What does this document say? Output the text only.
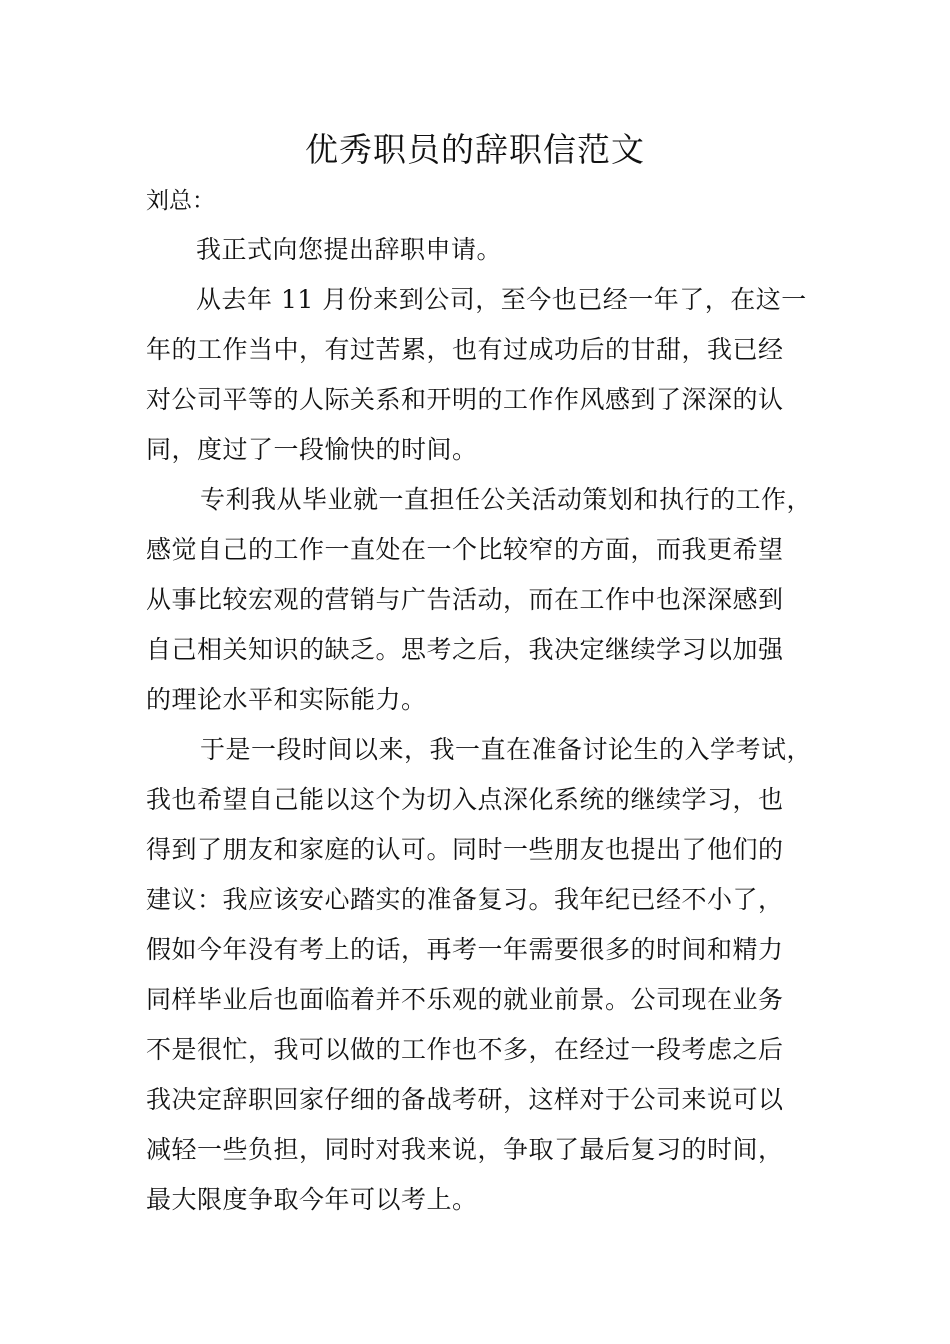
优秀职员的辞职信范文

刘总：

我正式向您提出辞职申请。

从去年 11 月份来到公司，至今也已经一年了，在这一

年的工作当中，有过苦累，也有过成功后的甘甜，我已经

对公司平等的人际关系和开明的工作作风感到了深深的认

同，度过了一段愉快的时间。

专利我从毕业就一直担任公关活动策划和执行的工作，

感觉自己的工作一直处在一个比较窄的方面，而我更希望

从事比较宏观的营销与广告活动，而在工作中也深深感到

自己相关知识的缺乏。思考之后，我决定继续学习以加强

的理论水平和实际能力。

于是一段时间以来，我一直在准备讨论生的入学考试，

我也希望自己能以这个为切入点深化系统的继续学习，也

得到了朋友和家庭的认可。同时一些朋友也提出了他们的

建议：我应该安心踏实的准备复习。我年纪已经不小了，

假如今年没有考上的话，再考一年需要很多的时间和精力

同样毕业后也面临着并不乐观的就业前景。公司现在业务

不是很忙，我可以做的工作也不多，在经过一段考虑之后

我决定辞职回家仔细的备战考研，这样对于公司来说可以

减轻一些负担，同时对我来说，争取了最后复习的时间，

最大限度争取今年可以考上。
